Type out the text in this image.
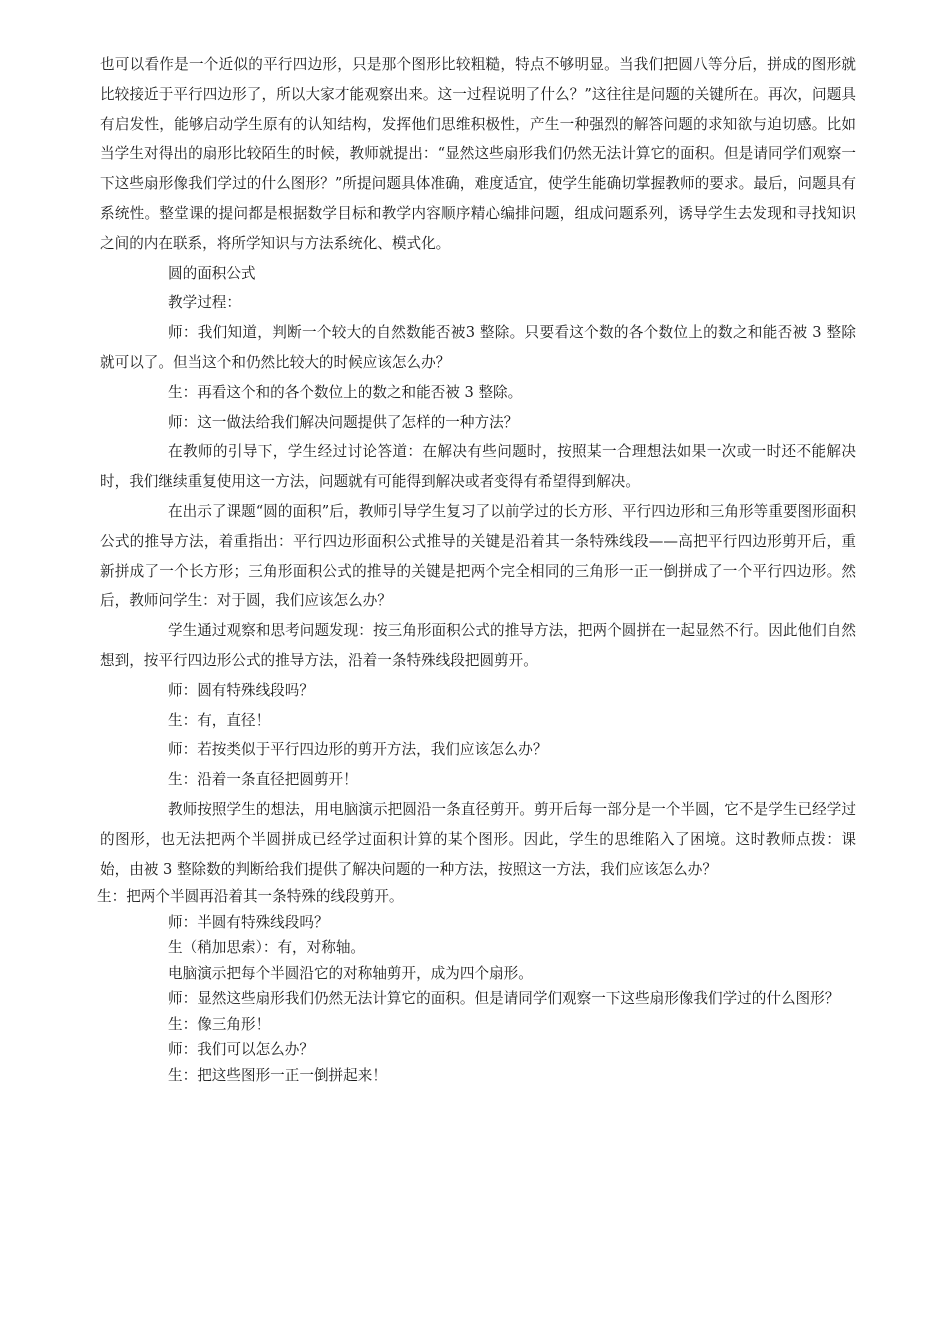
也可以看作是一个近似的平行四边形，只是那个图形比较粗糙，特点不够明显。当我们把圆八等分后，拼成的图形就比较接近于平行四边形了，所以大家才能观察出来。这一过程说明了什么？”这往往是问题的关键所在。再次，问题具有启发性，能够启动学生原有的认知结构，发挥他们思维积极性，产生一种强烈的解答问题的求知欲与迫切感。比如当学生对得出的扇形比较陌生的时候，教师就提出：“显然这些扇形我们仍然无法计算它的面积。但是请同学们观察一下这些扇形像我们学过的什么图形？”所提问题具体准确，难度适宜，使学生能确切掌握教师的要求。最后，问题具有系统性。整堂课的提问都是根据数学目标和教学内容顺序精心编排问题，组成问题系列，诱导学生去发现和寻找知识之间的内在联系，将所学知识与方法系统化、模式化。

圆的面积公式

教学过程：

师：我们知道，判断一个较大的自然数能否被3 整除。只要看这个数的各个数位上的数之和能否被 3 整除就可以了。但当这个和仍然比较大的时候应该怎么办？

生：再看这个和的各个数位上的数之和能否被 3 整除。

师：这一做法给我们解决问题提供了怎样的一种方法？

在教师的引导下，学生经过讨论答道：在解决有些问题时，按照某一合理想法如果一次或一时还不能解决时，我们继续重复使用这一方法，问题就有可能得到解决或者变得有希望得到解决。

在出示了课题“圆的面积”后，教师引导学生复习了以前学过的长方形、平行四边形和三角形等重要图形面积公式的推导方法，着重指出：平行四边形面积公式推导的关键是沿着其一条特殊线段——高把平行四边形剪开后，重新拼成了一个长方形；三角形面积公式的推导的关键是把两个完全相同的三角形一正一倒拼成了一个平行四边形。然后，教师问学生：对于圆，我们应该怎么办？

学生通过观察和思考问题发现：按三角形面积公式的推导方法，把两个圆拼在一起显然不行。因此他们自然想到，按平行四边形公式的推导方法，沿着一条特殊线段把圆剪开。

师：圆有特殊线段吗？

生：有，直径！

师：若按类似于平行四边形的剪开方法，我们应该怎么办？

生：沿着一条直径把圆剪开！

教师按照学生的想法，用电脑演示把圆沿一条直径剪开。剪开后每一部分是一个半圆，它不是学生已经学过的图形，也无法把两个半圆拼成已经学过面积计算的某个图形。因此，学生的思维陷入了困境。这时教师点拨：课始，由被 3 整除数的判断给我们提供了解决问题的一种方法，按照这一方法，我们应该怎么办？

生：把两个半圆再沿着其一条特殊的线段剪开。

师：半圆有特殊线段吗？

生（稍加思索）：有，对称轴。

电脑演示把每个半圆沿它的对称轴剪开，成为四个扇形。

师：显然这些扇形我们仍然无法计算它的面积。但是请同学们观察一下这些扇形像我们学过的什么图形？

生：像三角形！

师：我们可以怎么办？

生：把这些图形一正一倒拼起来！
